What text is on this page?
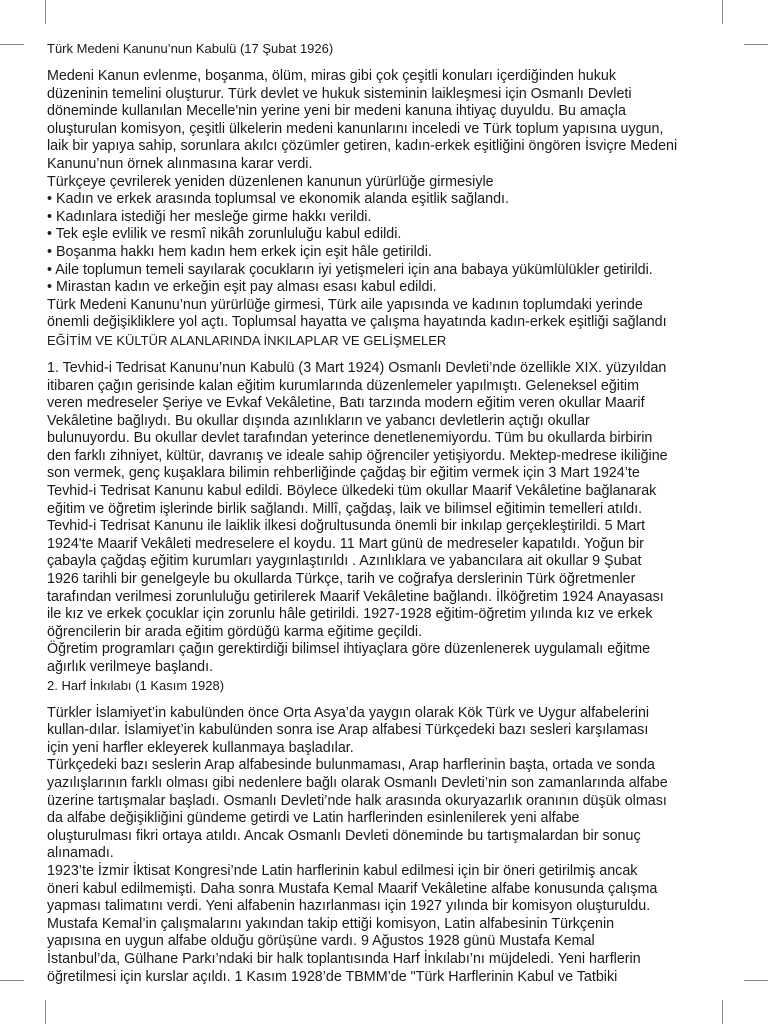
Türk Medeni Kanunu’nun Kabulü (17 Şubat 1926)

Medeni Kanun evlenme, boşanma, ölüm, miras gibi çok çeşitli konuları içerdiğinden hukuk

düzeninin temelini oluşturur. Türk devlet ve hukuk sisteminin laikleşmesi için Osmanlı Devleti

döneminde kullanılan Mecelle'nin yerine yeni bir medeni kanuna ihtiyaç duyuldu. Bu amaçla

oluşturulan komisyon, çeşitli ülkelerin medeni kanunlarını inceledi ve Türk toplum yapısına uygun,

laik bir yapıya sahip, sorunlara akılcı çözümler getiren, kadın-erkek eşitliğini öngören İsviçre Medeni

Kanunu’nun örnek alınmasına karar verdi.

Türkçeye çevrilerek yeniden düzenlenen kanunun yürürlüğe girmesiyle

• Kadın ve erkek arasında toplumsal ve ekonomik alanda eşitlik sağlandı.

• Kadınlara istediği her mesleğe girme hakkı verildi.

• Tek eşle evlilik ve resmî nikâh zorunluluğu kabul edildi.

• Boşanma hakkı hem kadın hem erkek için eşit hâle getirildi.

• Aile toplumun temeli sayılarak çocukların iyi yetişmeleri için ana babaya yükümlülükler getirildi.

• Mirastan kadın ve erkeğin eşit pay alması esası kabul edildi.

Türk Medeni Kanunu’nun yürürlüğe girmesi, Türk aile yapısında ve kadının toplumdaki yerinde

önemli değişikliklere yol açtı. Toplumsal hayatta ve çalışma hayatında kadın-erkek eşitliği sağlandı

EĞİTİM VE KÜLTÜR ALANLARINDA İNKILAPLAR VE GELİŞMELER

1. Tevhid-i Tedrisat Kanunu’nun Kabulü (3 Mart 1924) Osmanlı Devleti’nde özellikle XIX. yüzyıldan

itibaren çağın gerisinde kalan eğitim kurumlarında düzenlemeler yapılmıştı. Geleneksel eğitim

veren medreseler Şeriye ve Evkaf Vekâletine, Batı tarzında modern eğitim veren okullar Maarif

Vekâletine bağlıydı. Bu okullar dışında azınlıkların ve yabancı devletlerin açtığı okullar

bulunuyordu. Bu okullar devlet tarafından yeterince denetlenemiyordu. Tüm bu okullarda birbirin

den farklı zihniyet, kültür, davranış ve ideale sahip öğrenciler yetişiyordu. Mektep-medrese ikiliğine

son vermek, genç kuşaklara bilimin rehberliğinde çağdaş bir eğitim vermek için 3 Mart 1924’te

Tevhid-i Tedrisat Kanunu kabul edildi. Böylece ülkedeki tüm okullar Maarif Vekâletine bağlanarak

eğitim ve öğretim işlerinde birlik sağlandı. Millî, çağdaş, laik ve bilimsel eğitimin temelleri atıldı.

Tevhid-i Tedrisat Kanunu ile laiklik ilkesi doğrultusunda önemli bir inkılap gerçekleştirildi. 5 Mart

1924'te Maarif Vekâleti medreselere el koydu. 11 Mart günü de medreseler kapatıldı. Yoğun bir

çabayla çağdaş eğitim kurumları yaygınlaştırıldı . Azınlıklara ve yabancılara ait okullar 9 Şubat

1926 tarihli bir genelgeyle bu okullarda Türkçe, tarih ve coğrafya derslerinin Türk öğretmenler

tarafından verilmesi zorunluluğu getirilerek Maarif Vekâletine bağlandı. İlköğretim 1924 Anayasası

ile kız ve erkek çocuklar için zorunlu hâle getirildi. 1927-1928 eğitim-öğretim yılında kız ve erkek

öğrencilerin bir arada eğitim gördüğü karma eğitime geçildi.

Öğretim programları çağın gerektirdiği bilimsel ihtiyaçlara göre düzenlenerek uygulamalı eğitme

ağırlık verilmeye başlandı.

2. Harf İnkılabı (1 Kasım 1928)

Türkler İslamiyet’in kabulünden önce Orta Asya’da yaygın olarak Kök Türk ve Uygur alfabelerini

kullan-dılar. İslamiyet’in kabulünden sonra ise Arap alfabesi Türkçedeki bazı sesleri karşılaması

için yeni harfler ekleyerek kullanmaya başladılar.

Türkçedeki bazı seslerin Arap alfabesinde bulunmaması, Arap harflerinin başta, ortada ve sonda

yazılışlarının farklı olması gibi nedenlere bağlı olarak Osmanlı Devleti’nin son zamanlarında alfabe

üzerine tartışmalar başladı. Osmanlı Devleti’nde halk arasında okuryazarlık oranının düşük olması

da alfabe değişikliğini gündeme getirdi ve Latin harflerinden esinlenilerek yeni alfabe

oluşturulması fikri ortaya atıldı. Ancak Osmanlı Devleti döneminde bu tartışmalardan bir sonuç

alınamadı.

1923’te İzmir İktisat Kongresi’nde Latin harflerinin kabul edilmesi için bir öneri getirilmiş ancak

öneri kabul edilmemişti. Daha sonra Mustafa Kemal Maarif Vekâletine alfabe konusunda çalışma

yapması talimatını verdi. Yeni alfabenin hazırlanması için 1927 yılında bir komisyon oluşturuldu.

Mustafa Kemal’in çalışmalarını yakından takip ettiği komisyon, Latin alfabesinin Türkçenin

yapısına en uygun alfabe olduğu görüşüne vardı. 9 Ağustos 1928 günü Mustafa Kemal

İstanbul’da, Gülhane Parkı’ndaki bir halk toplantısında Harf İnkılabı’nı müjdeledi. Yeni harflerin

öğretilmesi için kurslar açıldı. 1 Kasım 1928’de TBMM’de "Türk Harflerinin Kabul ve Tatbiki
